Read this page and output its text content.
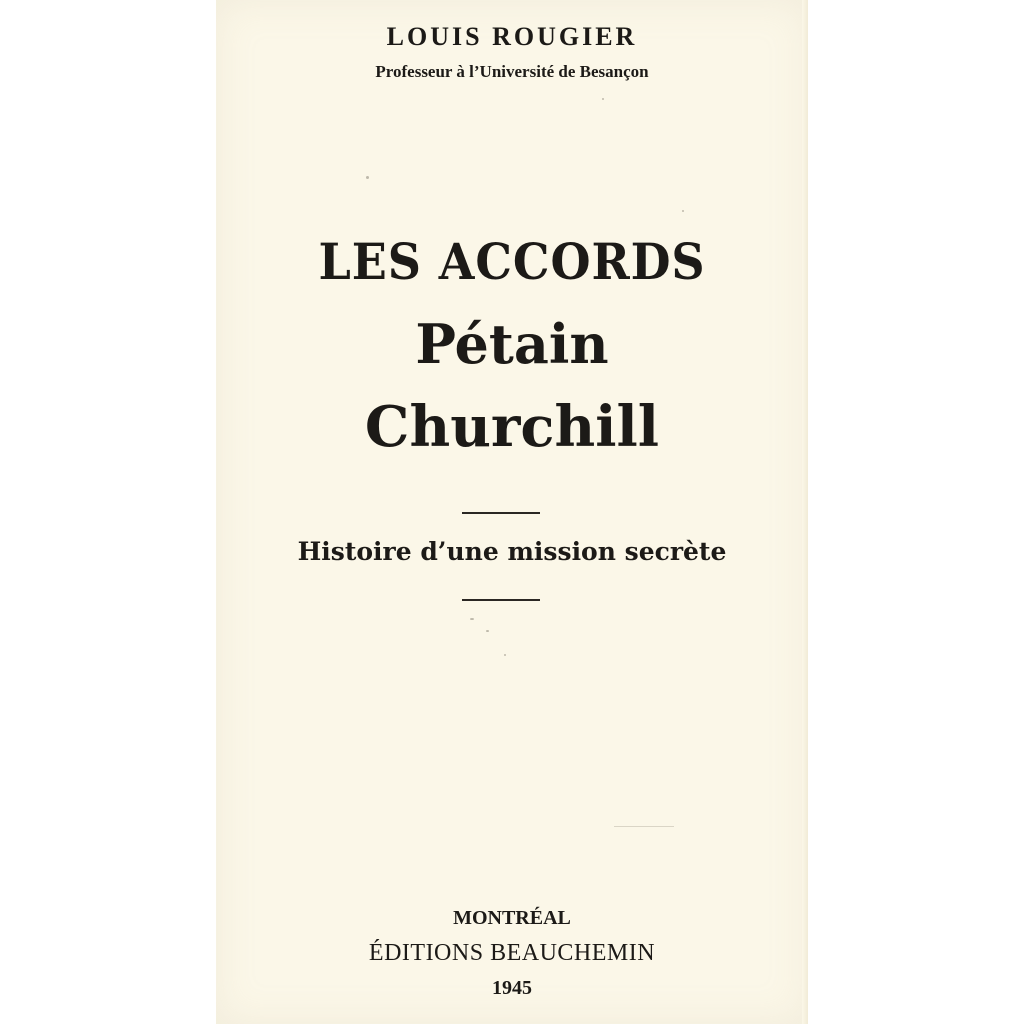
LOUIS ROUGIER
Professeur à l’Université de Besançon
LES ACCORDS
Pétain
Churchill
Histoire d’une mission secrète
MONTRÉAL
ÉDITIONS BEAUCHEMIN
1945
